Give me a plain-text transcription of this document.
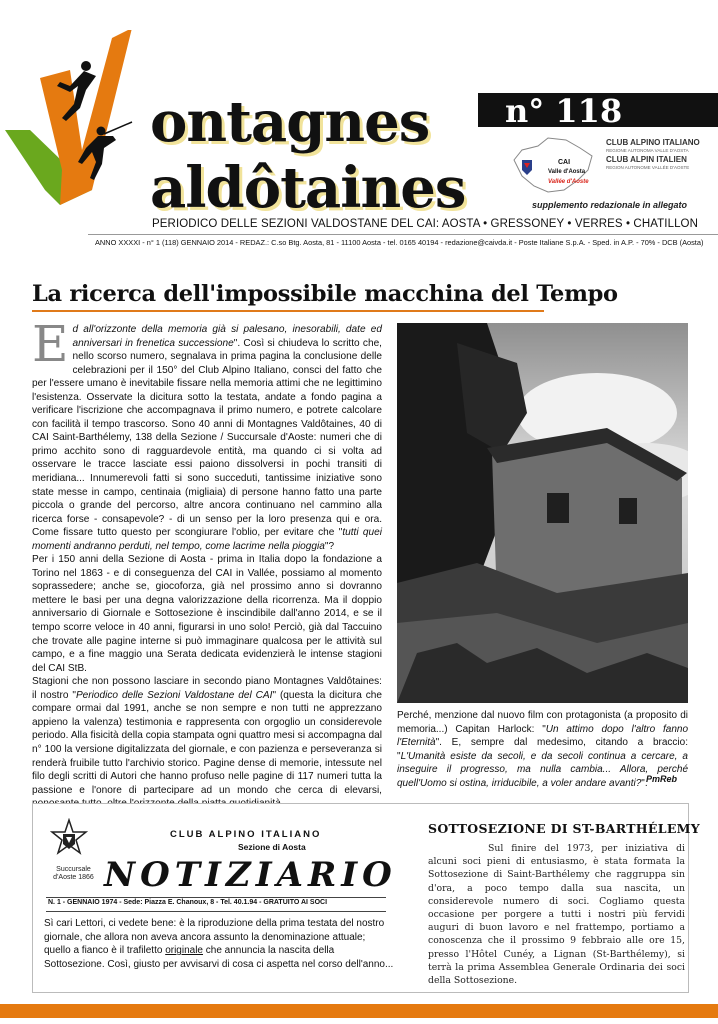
ontagnes
aldôtaines
n° 118
CAI
Valle d'Aosta
Vallée d'Aoste
CLUB ALPINO ITALIANO
REGIONE AUTONOMA VALLE D'AOSTA
CLUB ALPIN ITALIEN
REGION AUTONOME VALLÉE D'AOSTE
supplemento redazionale in allegato
PERIODICO DELLE SEZIONI VALDOSTANE DEL CAI: AOSTA • GRESSONEY • VERRES • CHATILLON
ANNO XXXXI - n° 1 (118) GENNAIO 2014 - REDAZ.: C.so Btg. Aosta, 81 - 11100 Aosta - tel. 0165 40194 - redazione@caivda.it - Poste Italiane S.p.A. - Sped. in A.P. - 70% - DCB (Aosta)
La ricerca dell'impossibile macchina del Tempo

Ed all'orizzonte della memoria già si palesano, inesorabili, date ed anniversari in frenetica successione". Così si chiudeva lo scritto che, nello scorso numero, segnalava in prima pagina la conclusione delle celebrazioni per il 150° del Club Alpino Italiano, consci del fatto che per l'essere umano è inevitabile fissare nella memoria attimi che ne legittimino l'esistenza. Osservate la dicitura sotto la testata, andate a fondo pagina a verificare l'iscrizione che accompagnava il primo numero, e potrete calcolare con facilità il tempo trascorso. Sono 40 anni di Montagnes Valdôtaines, 40 di CAI Saint-Barthélemy, 138 della Sezione / Succursale d'Aoste: numeri che di primo acchito sono di ragguardevole entità, ma quando ci si volta ad osservare le tracce lasciate essi paiono dissolversi in pochi transiti di meridiana... Innumerevoli fatti si sono succeduti, tantissime iniziative sono state messe in campo, centinaia (migliaia) di persone hanno fatto una parte piccola o grande del percorso, altre ancora continuano nel cammino alla ricerca forse - consapevole? - di un senso per la loro presenza qui e ora. Come fissare tutto questo per scongiurare l'oblio, per evitare che "tutti quei momenti andranno perduti, nel tempo, come lacrime nella pioggia"?

Per i 150 anni della Sezione di Aosta - prima in Italia dopo la fondazione a Torino nel 1863 - e di conseguenza del CAI in Vallée, possiamo al momento soprassedere; anche se, giocoforza, già nel prossimo anno si dovranno mettere le basi per una degna valorizzazione della ricorrenza. Ma il doppio anniversario di Giornale e Sottosezione è inscindibile dall'anno 2014, e se il tempo scorre veloce in 40 anni, figurarsi in uno solo! Perciò, già dal Taccuino che trovate alle pagine interne si può immaginare qualcosa per le attività sul campo, e a fine maggio una Serata dedicata evidenzierà le intense stagioni del CAI StB.

Stagioni che non possono lasciare in secondo piano Montagnes Valdôtaines: il nostro "Periodico delle Sezioni Valdostane del CAI" (questa la dicitura che compare ormai dal 1991, anche se non sempre e non tutti ne apprezzano appieno la valenza) testimonia e rappresenta con orgoglio un considerevole periodo. Alla fisicità della copia stampata ogni quattro mesi si accompagna dal n° 100 la versione digitalizzata del giornale, e con pazienza e perseveranza si renderà fruibile tutto l'archivio storico. Pagine dense di memorie, intessute nel filo degli scritti di Autori che hanno profuso nelle pagine di 117 numeri tutta la passione e l'onore di partecipare ad un mondo che cerca di elevarsi,

Perché, menzione dal nuovo film con protagonista (a proposito di memoria...) Capitan Harlock: "Un attimo dopo l'altro fanno l'Eternità". E, sempre dal medesimo, citando a braccio: "L'Umanità esiste da secoli, e da secoli continua a cercare, a inseguire il progresso, ma nulla cambia... Allora, perché quell'Uomo si ostina, irriducibile, a voler andare avanti?".
PmReb
Succursale d'Aoste 1866
CLUB ALPINO ITALIANO
Sezione di Aosta
NOTIZIARIO
N. 1 - GENNAIO 1974 - Sede: Piazza E. Chanoux, 8 - Tel. 40.1.94 - GRATUITO AI SOCI
Sì cari Lettori, ci vedete bene: è la riproduzione della prima testata del nostro giornale, che allora non aveva ancora assunto la denominazione attuale; quello a fianco è il trafiletto originale che annuncia la nascita della Sottosezione. Così, giusto per avvisarvi di cosa ci aspetta nel corso dell'anno...
SOTTOSEZIONE DI ST-BARTHÉLEMY

Sul finire del 1973, per iniziativa di alcuni soci pieni di entusiasmo, è stata formata la Sottosezione di Saint-Barthélemy che raggruppa sin d'ora, a poco tempo dalla sua nascita, un considerevole numero di soci. Cogliamo questa occasione per porgere a tutti i nostri più fervidi auguri di buon lavoro e nel frattempo, portiamo a conoscenza che il prossimo 9 febbraio alle ore 15, presso l'Hôtel Cunéy, a Lignan (St-Barthélemy), si terrà la prima Assemblea Generale Ordinaria dei soci della Sottosezione.
